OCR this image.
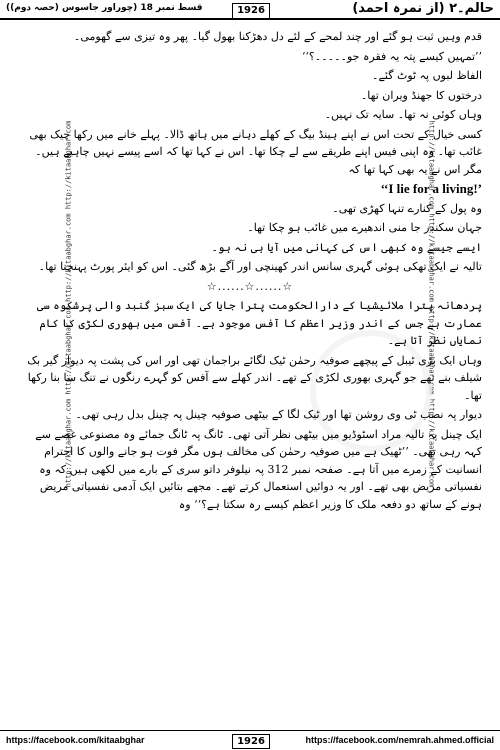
قسط نمبر 18 (چوراور جاسوس (حصہ دوم))	1926	حالم۔۲ (از نمرہ احمد)
http://kitaabghar.com http://kitaabghar.com http://kitaabghar.com http://kitaabghar.com	http://kitaabghar.com http://kitaabghar.com http://kitaabghar.com http://kitaabghar.com

قدم وہیں ثبت ہو گئے اور چند لمحے کے لئے دل دھڑکنا بھول گیا۔ پھر وہ تیزی سے گھومی۔

’’تمہیں کیسے پتہ یہ فقرہ جو۔۔۔۔۔؟‘‘

الفاظ لبوں پہ ٹوٹ گئے۔

درختوں کا جھنڈ ویران تھا۔

وہاں کوئی نہ تھا۔ سایہ تک نہیں۔

کسی خیال کے تحت اس نے اپنے ہینڈ بیگ کے کھلے دہانے میں ہاتھ ڈالا۔ پہلے خانے میں رکھا چیک بھی غائب تھا۔ وہ اپنی فیس اپنے طریقے سے لے چکا تھا۔ اس نے کہا تھا کہ اسے پیسے نہیں چاہیے ہیں۔ مگر اس نے یہ بھی کہا تھا کہ

‘‘I lie for a living!’

وہ پول کے کنارے تنہا کھڑی تھی۔

جہان سکندر جا منی اندھیرے میں غائب ہو چکا تھا۔

ایسے جیسے وہ کبھی اس کی کہانی میں آیا ہی نہ ہو۔

تالیہ نے ایک تھکی ہوئی گہری سانس اندر کھینچی اور آگے بڑھ گئی۔ اس کو ایئر پورٹ پہنچنا تھا۔

☆......☆......☆

پردھانہ پترا ملائیشیا کے دارالحکومت پترا جایا کی ایک سبز گنبد والی پرشکوہ سی عمارت ہے جس کے اندر وزیر اعظم کا آفس موجود ہے۔ آفس میں بھوری لکڑی کا کام نمایاں نظر آتا ہے۔

وہاں ایک بڑی ٹیبل کے پیچھے صوفیہ رحمٰن ٹیک لگائے براجمان تھی اور اس کی پشت پہ دیوار گیر بک شیلف بنے تھے جو گہری بھوری لکڑی کے تھے۔ اندر کھلے سے آفس کو گہرے رنگوں نے تنگ سا بنا رکھا تھا۔

دیوار پہ نصب ٹی وی روشن تھا اور ٹیک لگا کے بیٹھی صوفیہ چینل پہ چینل بدل رہی تھی۔

ایک چینل پہ تالیہ مراد اسٹوڈیو میں بیٹھی نظر آتی تھی۔ ٹانگ پہ ٹانگ جمائے وہ مصنوعی غصے سے کہہ رہی تھی۔ ’’ٹھیک ہے میں صوفیہ رحمٰن کی مخالف ہوں مگر فوت ہو جانے والوں کا احترام انسانیت کے زمرے میں آتا ہے۔ صفحہ نمبر 312 پہ نیلوفر داتو سری کے بارے میں لکھی ہیں کہ وہ نفسیاتی مریض بھی تھے۔ اور یہ دوائیں استعمال کرتے تھے۔ مجھے بتائیں ایک آدمی نفسیاتی مریض ہونے کے ساتھ دو دفعہ ملک کا وزیر اعظم کیسے رہ سکتا ہے؟‘‘ وہ

https://facebook.com/kitaabghar	1926	https://facebook.com/nemrah.ahmed.official
